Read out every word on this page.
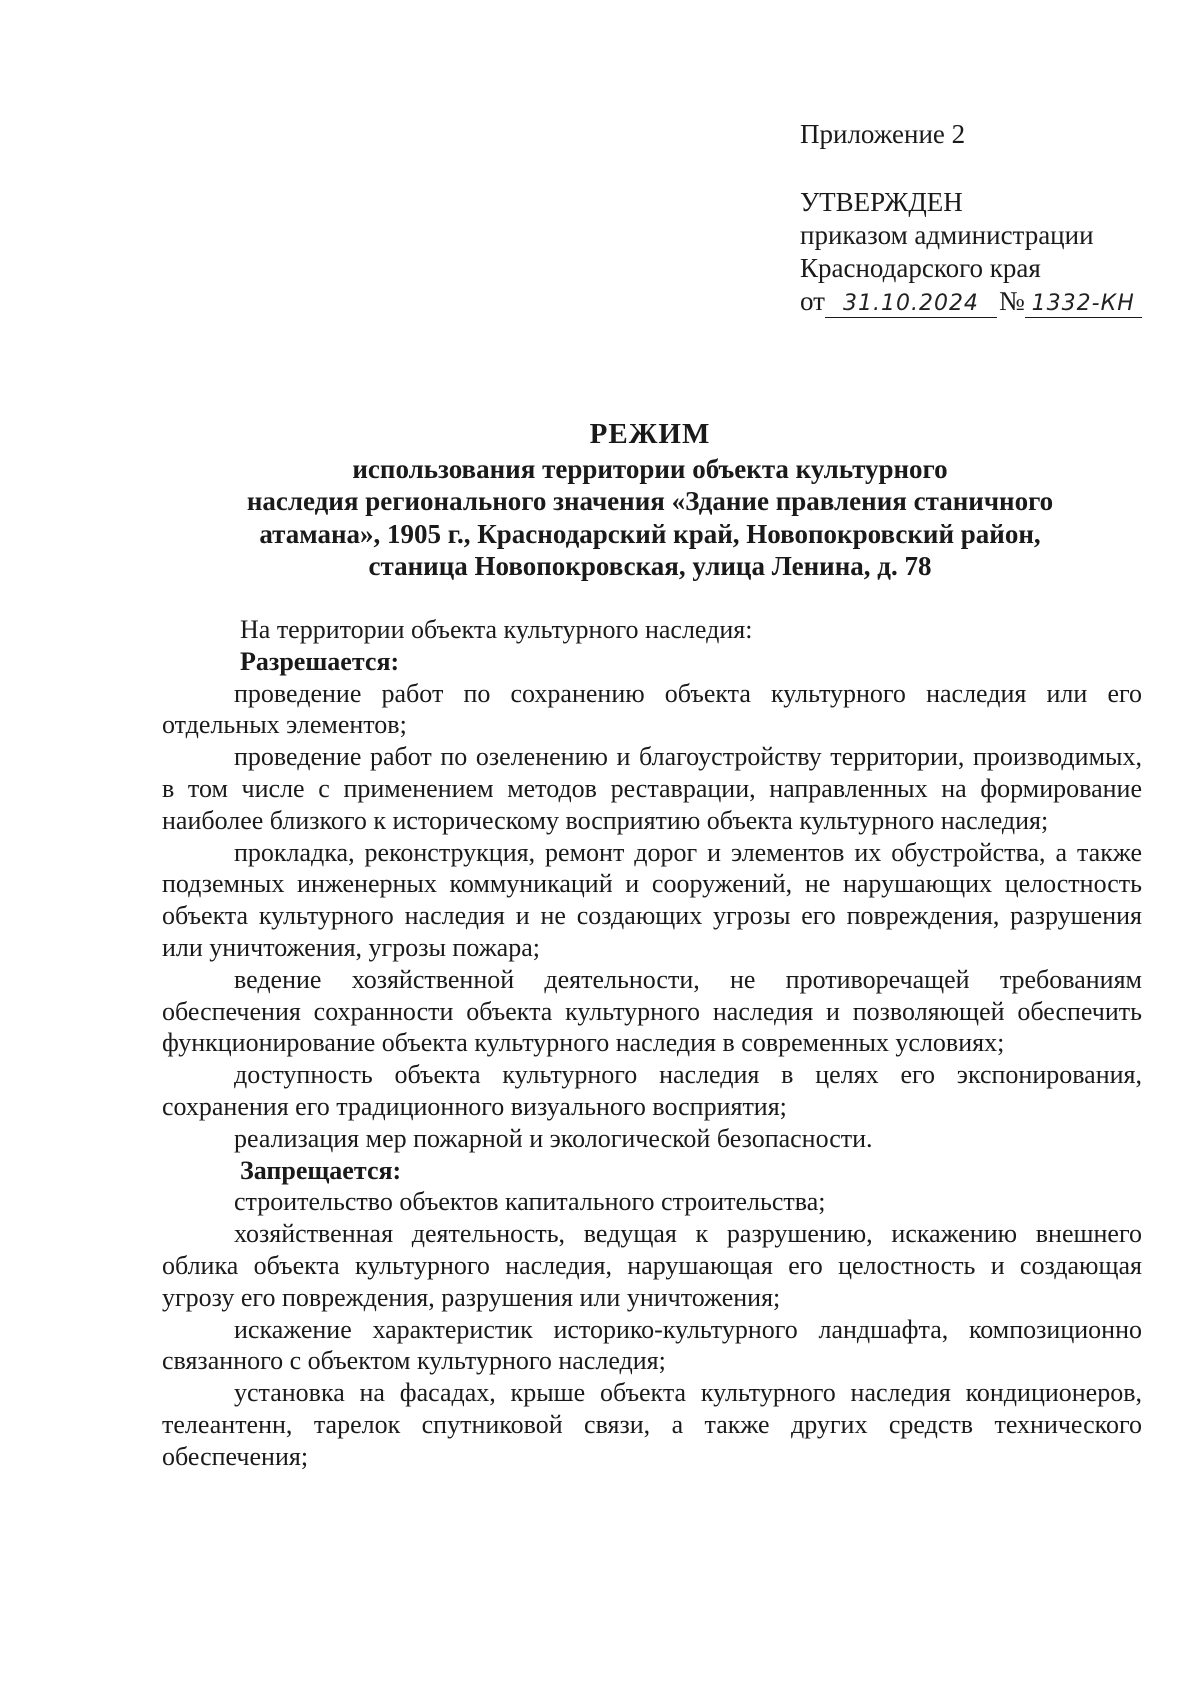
Приложение 2
УТВЕРЖДЕН
приказом администрации
Краснодарского края
от 31.10.2024 № 1332-КН
РЕЖИМ
использования территории объекта культурного
наследия регионального значения «Здание правления станичного
атамана», 1905 г., Краснодарский край, Новопокровский район,
станица Новопокровская, улица Ленина, д. 78

На территории объекта культурного наследия:

Разрешается:

проведение работ по сохранению объекта культурного наследия или его отдельных элементов;

проведение работ по озеленению и благоустройству территории, производимых, в том числе с применением методов реставрации, направленных на формирование наиболее близкого к историческому восприятию объекта культурного наследия;

прокладка, реконструкция, ремонт дорог и элементов их обустройства, а также подземных инженерных коммуникаций и сооружений, не нарушающих целостность объекта культурного наследия и не создающих угрозы его повреждения, разрушения или уничтожения, угрозы пожара;

ведение хозяйственной деятельности, не противоречащей требованиям обеспечения сохранности объекта культурного наследия и позволяющей обеспечить функционирование объекта культурного наследия в современных условиях;

доступность объекта культурного наследия в целях его экспонирования, сохранения его традиционного визуального восприятия;

реализация мер пожарной и экологической безопасности.

Запрещается:

строительство объектов капитального строительства;

хозяйственная деятельность, ведущая к разрушению, искажению внешнего облика объекта культурного наследия, нарушающая его целостность и создающая угрозу его повреждения, разрушения или уничтожения;

искажение характеристик историко-культурного ландшафта, композиционно связанного с объектом культурного наследия;

установка на фасадах, крыше объекта культурного наследия кондиционеров, телеантенн, тарелок спутниковой связи, а также других средств технического обеспечения;
